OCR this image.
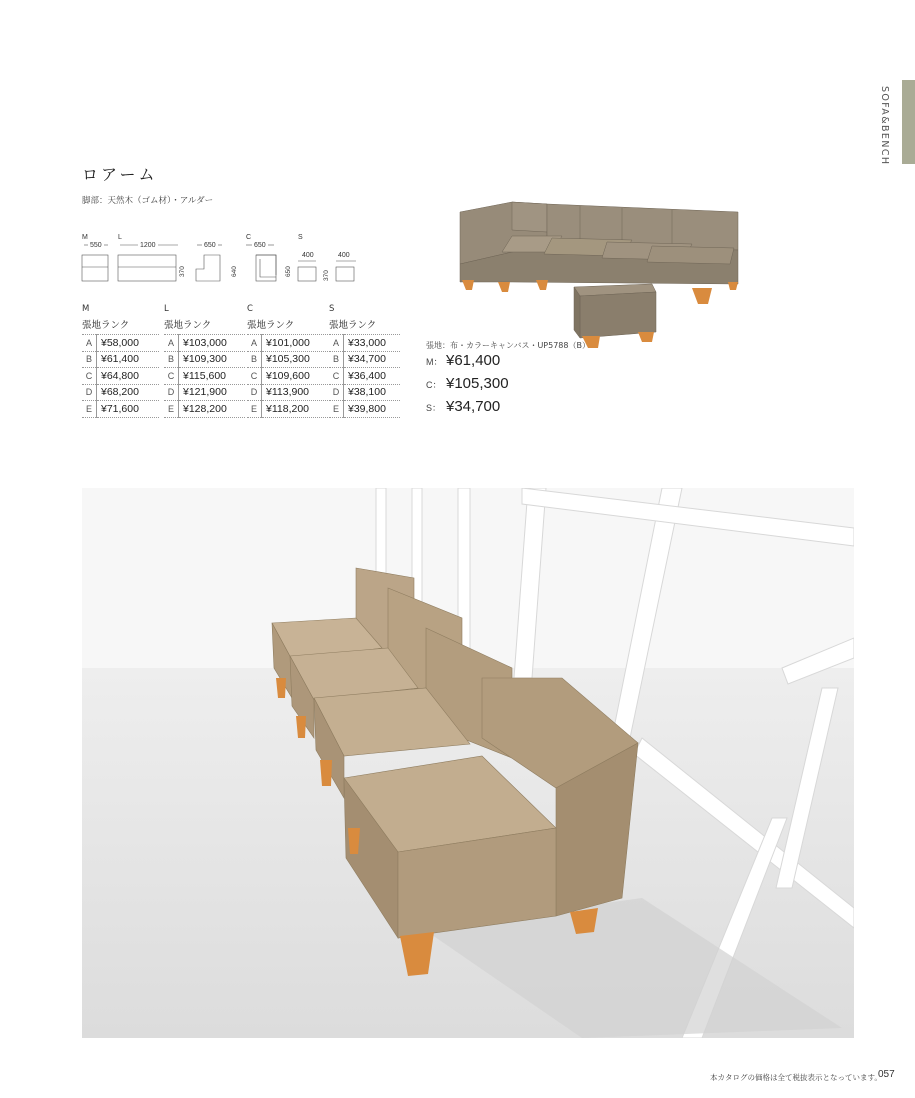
SOFA&BENCH
ロアーム
脚部：天然木（ゴム材）・アルダー
M	L	C	S
550	1200	650	650
400	400
370	640	650	370
M
張地ランク
A	¥58,000
B	¥61,400
C	¥64,800
D	¥68,200
E	¥71,600
L
張地ランク
A	¥103,000
B	¥109,300
C	¥115,600
D	¥121,900
E	¥128,200
C
張地ランク
A	¥101,000
B	¥105,300
C	¥109,600
D	¥113,900
E	¥118,200
S
張地ランク
A	¥33,000
B	¥34,700
C	¥36,400
D	¥38,100
E	¥39,800
張地：布・カラーキャンバス・UP5788（B）
M： ¥61,400
C： ¥105,300
S： ¥34,700
本カタログの価格は全て税抜表示となっています。
057
